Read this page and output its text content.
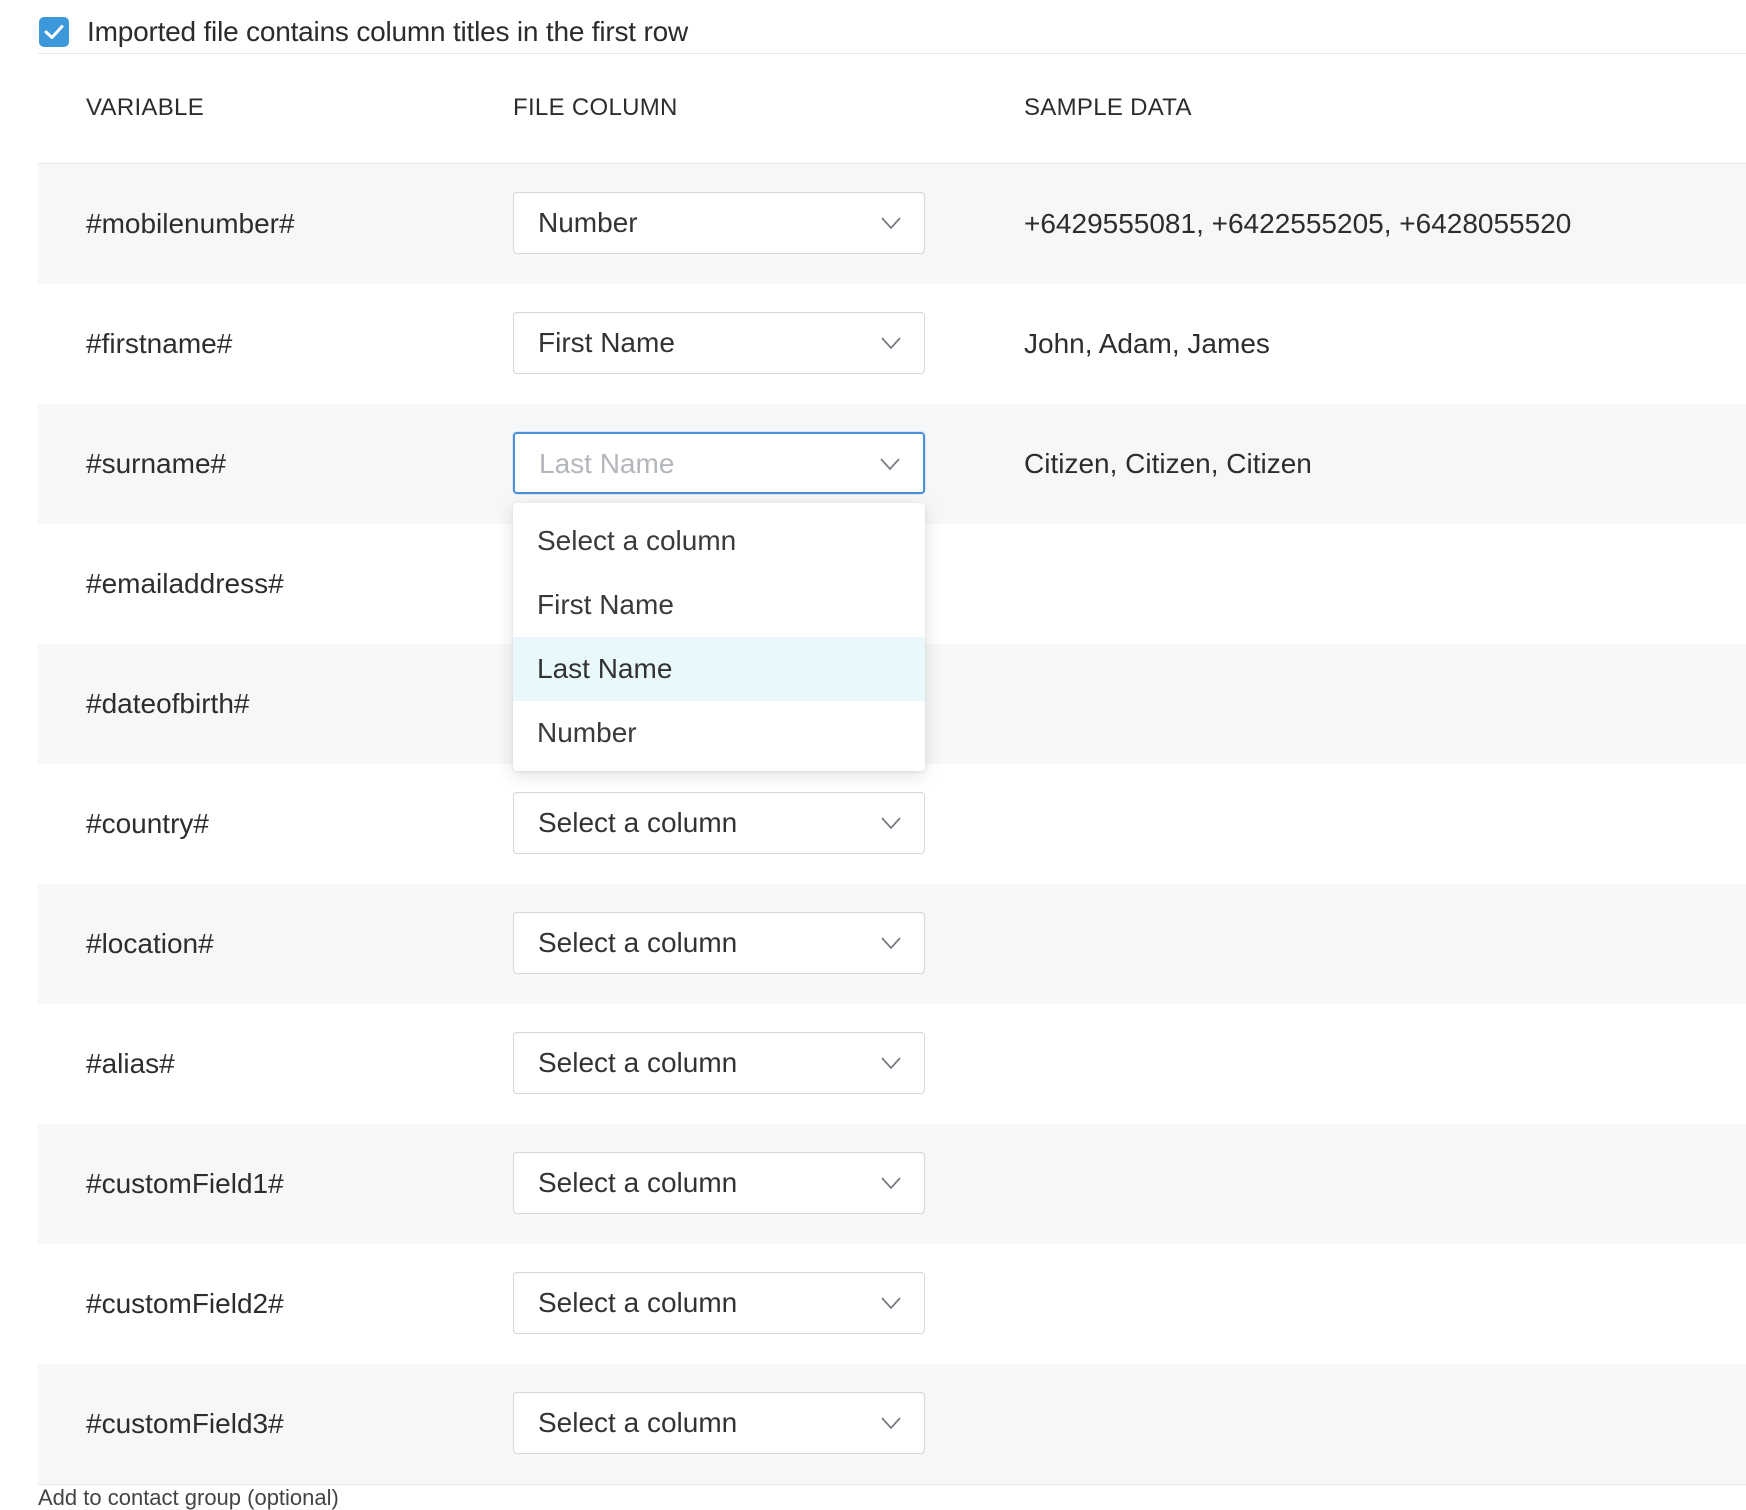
Imported file contains column titles in the first row
VARIABLE	FILE COLUMN	SAMPLE DATA
#mobilenumber#	Number	+6429555081, +6422555205, +6428055520
#firstname#	First Name	John, Adam, James
#surname#	Last Name	Citizen, Citizen, Citizen
#emailaddress#
#dateofbirth#
#country#	Select a column
#location#	Select a column
#alias#	Select a column
#customField1#	Select a column
#customField2#	Select a column
#customField3#	Select a column
Add to contact group (optional)
Select a column
First Name
Last Name
Number
